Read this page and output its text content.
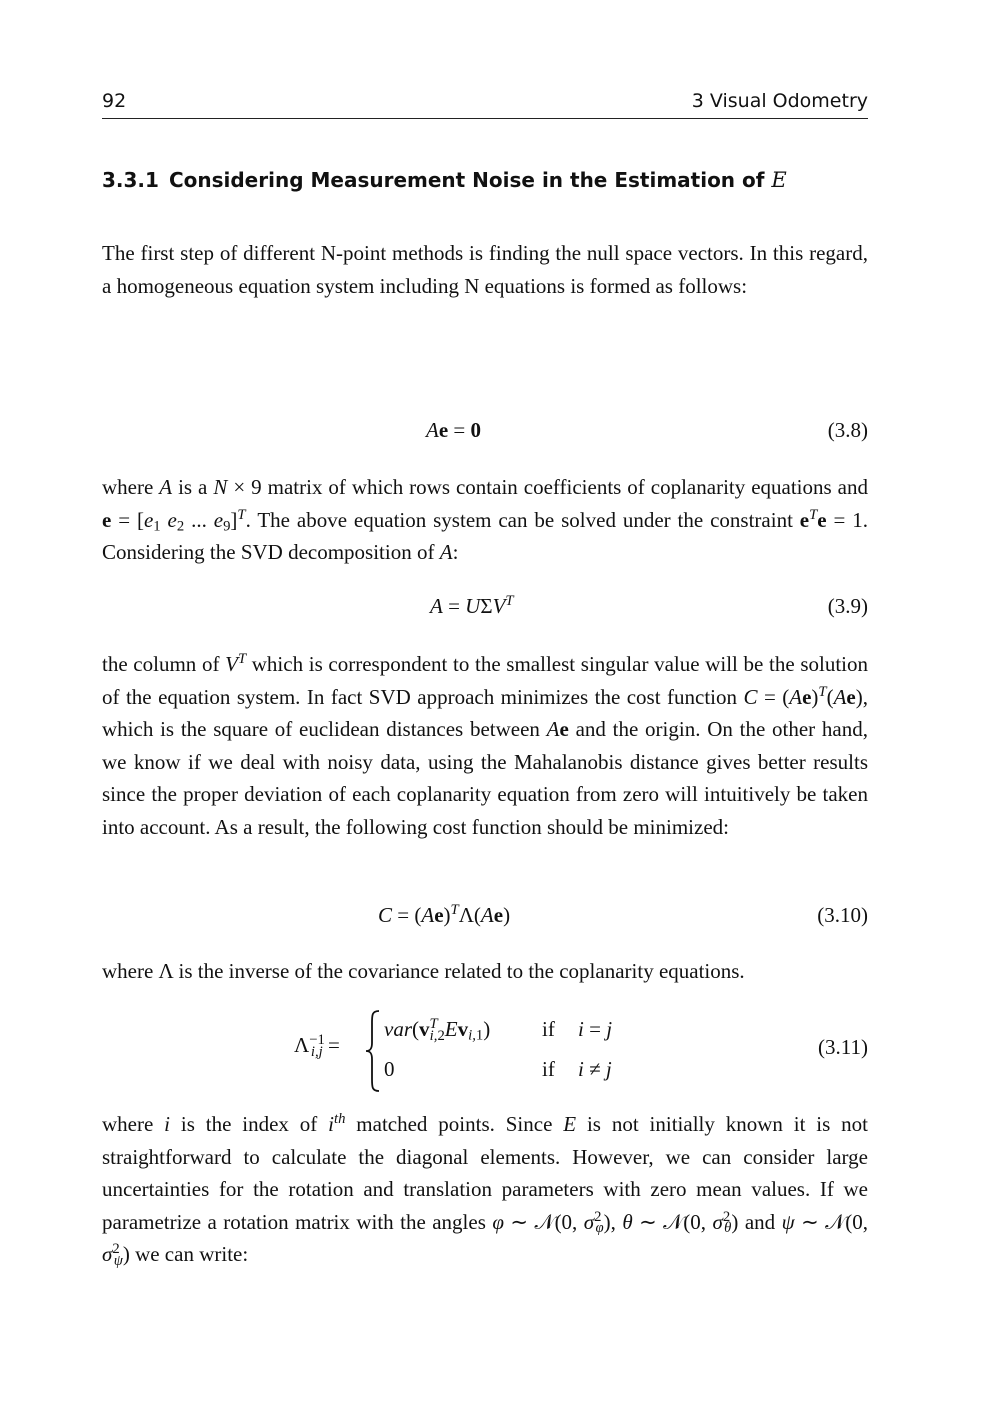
92	3 Visual Odometry
3.3.1 Considering Measurement Noise in the Estimation of E
The first step of different N-point methods is finding the null space vectors. In this regard, a homogeneous equation system including N equations is formed as follows:
Ae = 0	(3.8)
where A is a N × 9 matrix of which rows contain coefficients of coplanarity equations and $e = [e_1$ $e_2$ ... $e_9]^T$. The above equation system can be solved under the constraint $e^Te = 1$. Considering the SVD decomposition of A:
$A = U\Sigma V^T$	(3.9)
the column of $V^T$ which is correspondent to the smallest singular value will be the solution of the equation system. In fact SVD approach minimizes the cost function $C = (Ae)^T(Ae)$, which is the square of euclidean distances between Ae and the origin. On the other hand, we know if we deal with noisy data, using the Mahalanobis distance gives better results since the proper deviation of each coplanarity equation from zero will intuitively be taken into account. As a result, the following cost function should be minimized:
$C = (Ae)^T\Lambda(Ae)$	(3.10)
where Λ is the inverse of the covariance related to the coplanarity equations.
$\Lambda^{-1}_{i,j}$ =
$var(v^T_{i,2}Ev_{i,1})$ if i = j
0	if i ≠ j
(3.11)
where i is the index of $i^{th}$ matched points. Since E is not initially known it is not straightforward to calculate the diagonal elements. However, we can consider large uncertainties for the rotation and translation parameters with zero mean values. If we parametrize a rotation matrix with the angles φ ∼ 𝒩(0, $\sigma^2_\varphi$), θ ∼ 𝒩(0, $\sigma^2_\theta$) and ψ ∼ 𝒩(0, $\sigma^2_\psi$) we can write:
